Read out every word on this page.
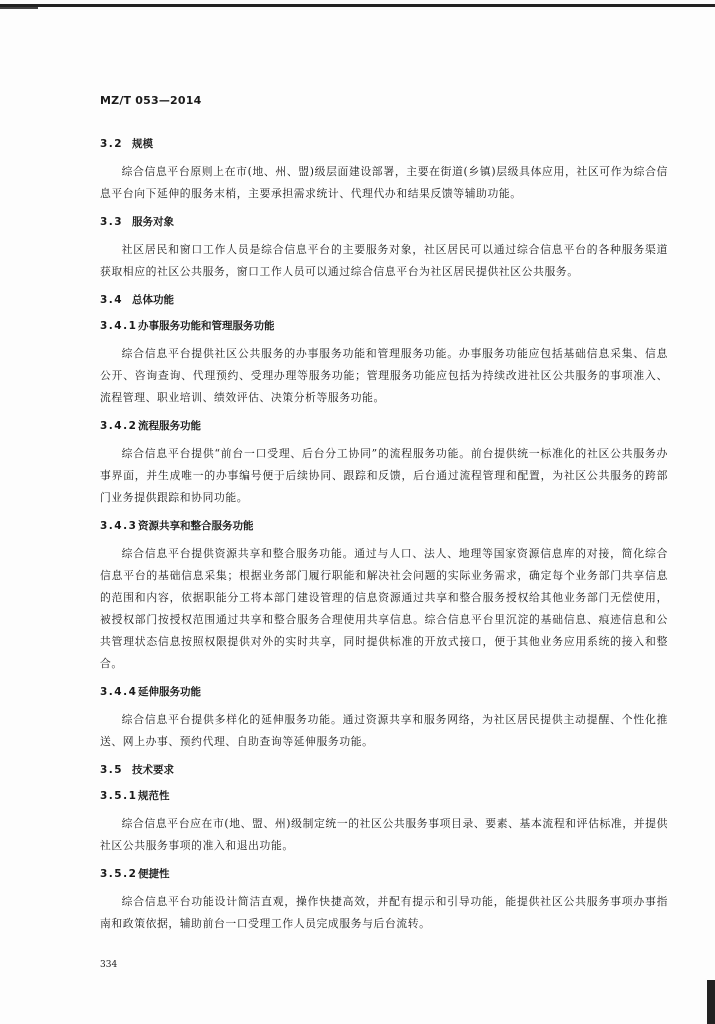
MZ/T 053—2014
3.2 规模

综合信息平台原则上在市(地、州、盟)级层面建设部署，主要在街道(乡镇)层级具体应用，社区可作为综合信息平台向下延伸的服务末梢，主要承担需求统计、代理代办和结果反馈等辅助功能。

3.3 服务对象

社区居民和窗口工作人员是综合信息平台的主要服务对象，社区居民可以通过综合信息平台的各种服务渠道获取相应的社区公共服务，窗口工作人员可以通过综合信息平台为社区居民提供社区公共服务。

3.4 总体功能
3.4.1办事服务功能和管理服务功能

综合信息平台提供社区公共服务的办事服务功能和管理服务功能。办事服务功能应包括基础信息采集、信息公开、咨询查询、代理预约、受理办理等服务功能；管理服务功能应包括为持续改进社区公共服务的事项准入、流程管理、职业培训、绩效评估、决策分析等服务功能。

3.4.2流程服务功能

综合信息平台提供“前台一口受理、后台分工协同”的流程服务功能。前台提供统一标准化的社区公共服务办事界面，并生成唯一的办事编号便于后续协同、跟踪和反馈，后台通过流程管理和配置，为社区公共服务的跨部门业务提供跟踪和协同功能。

3.4.3资源共享和整合服务功能

综合信息平台提供资源共享和整合服务功能。通过与人口、法人、地理等国家资源信息库的对接，简化综合信息平台的基础信息采集；根据业务部门履行职能和解决社会问题的实际业务需求，确定每个业务部门共享信息的范围和内容，依据职能分工将本部门建设管理的信息资源通过共享和整合服务授权给其他业务部门无偿使用，被授权部门按授权范围通过共享和整合服务合理使用共享信息。综合信息平台里沉淀的基础信息、痕迹信息和公共管理状态信息按照权限提供对外的实时共享，同时提供标准的开放式接口，便于其他业务应用系统的接入和整合。

3.4.4延伸服务功能

综合信息平台提供多样化的延伸服务功能。通过资源共享和服务网络，为社区居民提供主动提醒、个性化推送、网上办事、预约代理、自助查询等延伸服务功能。

3.5 技术要求
3.5.1规范性

综合信息平台应在市(地、盟、州)级制定统一的社区公共服务事项目录、要素、基本流程和评估标准，并提供社区公共服务事项的准入和退出功能。

3.5.2便捷性

综合信息平台功能设计简洁直观，操作快捷高效，并配有提示和引导功能，能提供社区公共服务事项办事指南和政策依据，辅助前台一口受理工作人员完成服务与后台流转。

334
